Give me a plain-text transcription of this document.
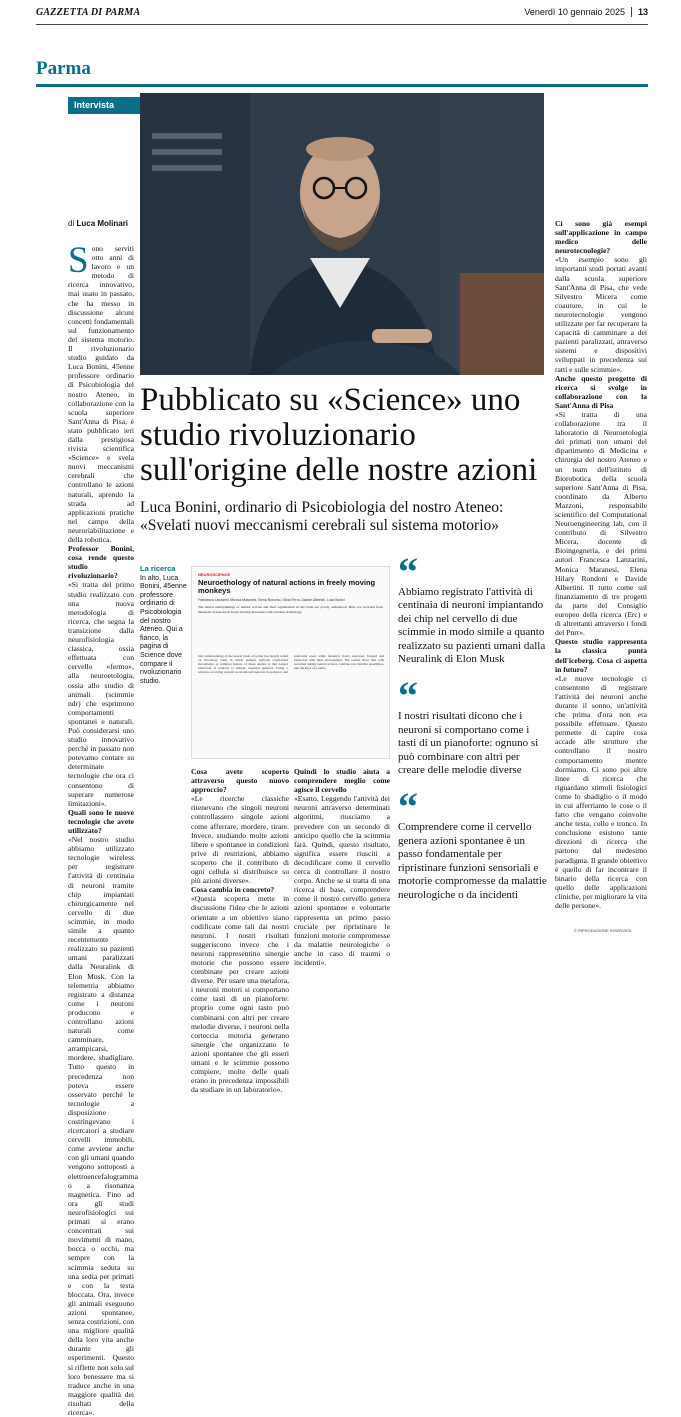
GAZZETTA DI PARMA	Venerdì 10 gennaio 2025 13
Parma
Intervista
di Luca Molinari

Sono serviti otto anni di lavoro e un metodo di ricerca innovativo, mai usato in passato, che ha messo in discussione alcuni concetti fondamentali sul funzionamento del sistema motorio. Il rivoluzionario studio guidato da Luca Bonini, 45enne professore ordinario di Psicobiologia del nostro Ateneo, in collaborazione con la scuola superiore Sant'Anna di Pisa, è stato pubblicato ieri dalla prestigiosa rivista scientifica «Science» e svela nuovi meccanismi cerebrali che controllano le azioni naturali, aprendo la strada ad applicazioni pratiche nel campo della neuroriabilitazione e della robotica.

Professor Bonini, cosa rende questo studio rivoluzionario?

«Si tratta del primo studio realizzato con una nuova metodologia di ricerca, che segna la transizione dalla neurofisiologia classica, ossia effettuata con cervello «fermo», alla neuroetologia, ossia allo studio di animali (scimmie ndr) che esprimono comportamenti spontanei e naturali. Può considerarsi uno studio innovativo perché in passato non potevamo contare su determinate tecnologie che ora ci consentono di superare numerose limitazioni».

Quali sono le nuove tecnologie che avete utilizzato?

«Nel nostro studio abbiamo utilizzato tecnologie wireless per registrare l'attività di centinaia di neuroni tramite chip impiantati chirurgicamente nel cervello di due scimmie, in modo simile a quanto recentemente realizzato su pazienti umani paralizzati dalla Neuralink di Elon Musk. Con la telemetria abbiamo registrato a distanza come i neuroni producono e controllano azioni naturali come camminare, arrampicarsi, mordere, sbadigliare. Tutto questo in precedenza non poteva essere osservato perché le tecnologie a disposizione costringevano i ricercatori a studiare cervelli immobili, come avviene anche con gli umani quando vengono sottoposti a elettroencefalogramma o a risonanza magnetica. Fino ad ora gli studi neurofisiologici sui primati si erano concentrati sui movimenti di mano, bocca o occhi, ma sempre con la scimmia seduta su una sedia per primati e con la testa bloccata. Ora, invece gli animali eseguono azioni spontanee, senza costrizioni, con una migliore qualità della loro vita anche durante gli esperimenti. Questo si riflette non solo sul loro benessere ma si traduce anche in una maggiore qualità dei risultati della ricerca».

Pubblicato su «Science» uno studio rivoluzionario sull'origine delle nostre azioni
Luca Bonini, ordinario di Psicobiologia del nostro Ateneo: «Svelati nuovi meccanismi cerebrali sul sistema motorio»
La ricerca
In alto, Luca Bonini, 45enne professore ordinario di Psicobiologia del nostro Ateneo. Qui a fianco, la pagina di Science dove compare il rivoluzionario studio.
NEUROSCIENCE
Neuroethology of natural actions in freely moving monkeys
Francesca Lanzarini, Monica Maranesi, Elena Rotunno, Silvia Ferro, Davide Albertini, Luca Bonini
The neural underpinnings of natural actions and their organization in the brain are poorly understood. Here we recorded from hundreds of neurons in freely moving macaques with wireless technology.
Our understanding of the neural basis of action has largely relied on laboratory tasks in which animals perform constrained movements. A common feature of these studies is that natural behaviour is reduced to simple, repeated gestures. Using a wireless recording system we monitored neurons in premotor and prefrontal areas while monkeys freely explored, foraged and interacted with their environment. The results show that cells recruited during natural actions combine into flexible ensembles, like the keys of a piano.

Cosa avete scoperto attraverso questo nuovo approccio?

«Le ricerche classiche ritenevano che singoli neuroni controllassero singole azioni come afferrare, mordere, tirare. Invece, studiando molte azioni libere e spontanee in condizioni prive di restrizioni, abbiamo scoperto che il contributo di ogni cellula si distribuisce su più azioni diverse».

Cosa cambia in concreto?

«Questa scoperta mette in discussione l'idea che le azioni orientate a un obiettivo siano codificate come tali dai nostri neuroni. I nostri risultati suggeriscono invece che i neuroni rappresentino sinergie motorie che possono essere combinate per creare azioni diverse. Per usare una metafora, i neuroni motori si comportano come tasti di un pianoforte: proprio come ogni tasto può combinarsi con altri per creare melodie diverse, i neuroni nella corteccia motoria generano sinergie che organizzano le azioni spontanee che gli esseri umani e le scimmie possono compiere, molte delle quali erano in precedenza impossibili da studiare in un laboratorio».

Quindi lo studio aiuta a comprendere meglio come agisce il cervello

«Esatto. Leggendo l'attività dei neuroni attraverso determinati algoritmi, riusciamo a prevedere con un secondo di anticipo quello che la scimmia farà. Quindi, questo risultato, significa essere riusciti a decodificare come il cervello cerca di controllare il nostro corpo. Anche se si tratta di una ricerca di base, comprendere come il nostro cervello genera azioni spontanee e volontarie rappresenta un primo passo cruciale per ripristinare le funzioni motorie compromesse da malattie neurologiche o anche in caso di traumi o incidenti».

“
Abbiamo registrato l'attività di centinaia di neuroni impiantando dei chip nel cervello di due scimmie in modo simile a quanto realizzato su pazienti umani dalla Neuralink di Elon Musk
“
I nostri risultati dicono che i neuroni si comportano come i tasti di un pianoforte: ognuno si può combinare con altri per creare delle melodie diverse
“
Comprendere come il cervello genera azioni spontanee è un passo fondamentale per ripristinare funzioni sensoriali e motorie compromesse da malattie neurologiche o da incidenti

Ci sono già esempi sull'applicazione in campo medico delle neurotecnologie?

«Un esempio sono gli importanti studi portati avanti dalla scuola superiore Sant'Anna di Pisa, che vede Silvestro Micera come coautore, in cui le neurotecnologie vengono utilizzate per far recuperare la capacità di camminare a dei pazienti paralizzati, attraverso sistemi e dispositivi sviluppati in precedenza sui ratti e sulle scimmie».

Anche questo progetto di ricerca si svolge in collaborazione con la Sant'Anna di Pisa

«Si tratta di una collaborazione tra il laboratorio di Neuroetologia dei primati non umani del dipartimento di Medicina e chirurgia del nostro Ateneo e un team dell'istituto di Biorobotica della scuola superiore Sant'Anna di Pisa, coordinato da Alberto Mazzoni, responsabile scientifico del Computational Neuroengineering lab, con il contributo di Silvestro Micera, docente di Bioingegneria, e dei primi autori Francesca Lanzarini, Monica Maranesi, Elena Hilary Rondoni e Davide Albertini. Il tutto come sul finanziamento di tre progetti da parte del Consiglio europeo della ricerca (Erc) e di altrettanti attraverso i fondi del Pnrr».

Questo studio rappresenta la classica punta dell'iceberg. Cosa ci aspetta in futuro?

«Le nuove tecnologie ci consentono di registrare l'attività dei neuroni anche durante il sonno, un'attività che prima d'ora non era possibile effettuare. Questo permette di capire cosa accade alle strutture che controllano il nostro comportamento mentre dormiamo. Ci sono poi altre linee di ricerca che riguardano stimoli fisiologici come lo sbadiglio o il modo in cui afferriamo le cose o il fatto che vengano coinvolte anche testa, collo e tronco. In conclusione esistono tante direzioni di ricerca che partono dal medesimo paradigma. Il grande obiettivo è quello di far incontrare il binario della ricerca con quello delle applicazioni cliniche, per migliorare la vita delle persone».

© RIPRODUZIONE RISERVATA
